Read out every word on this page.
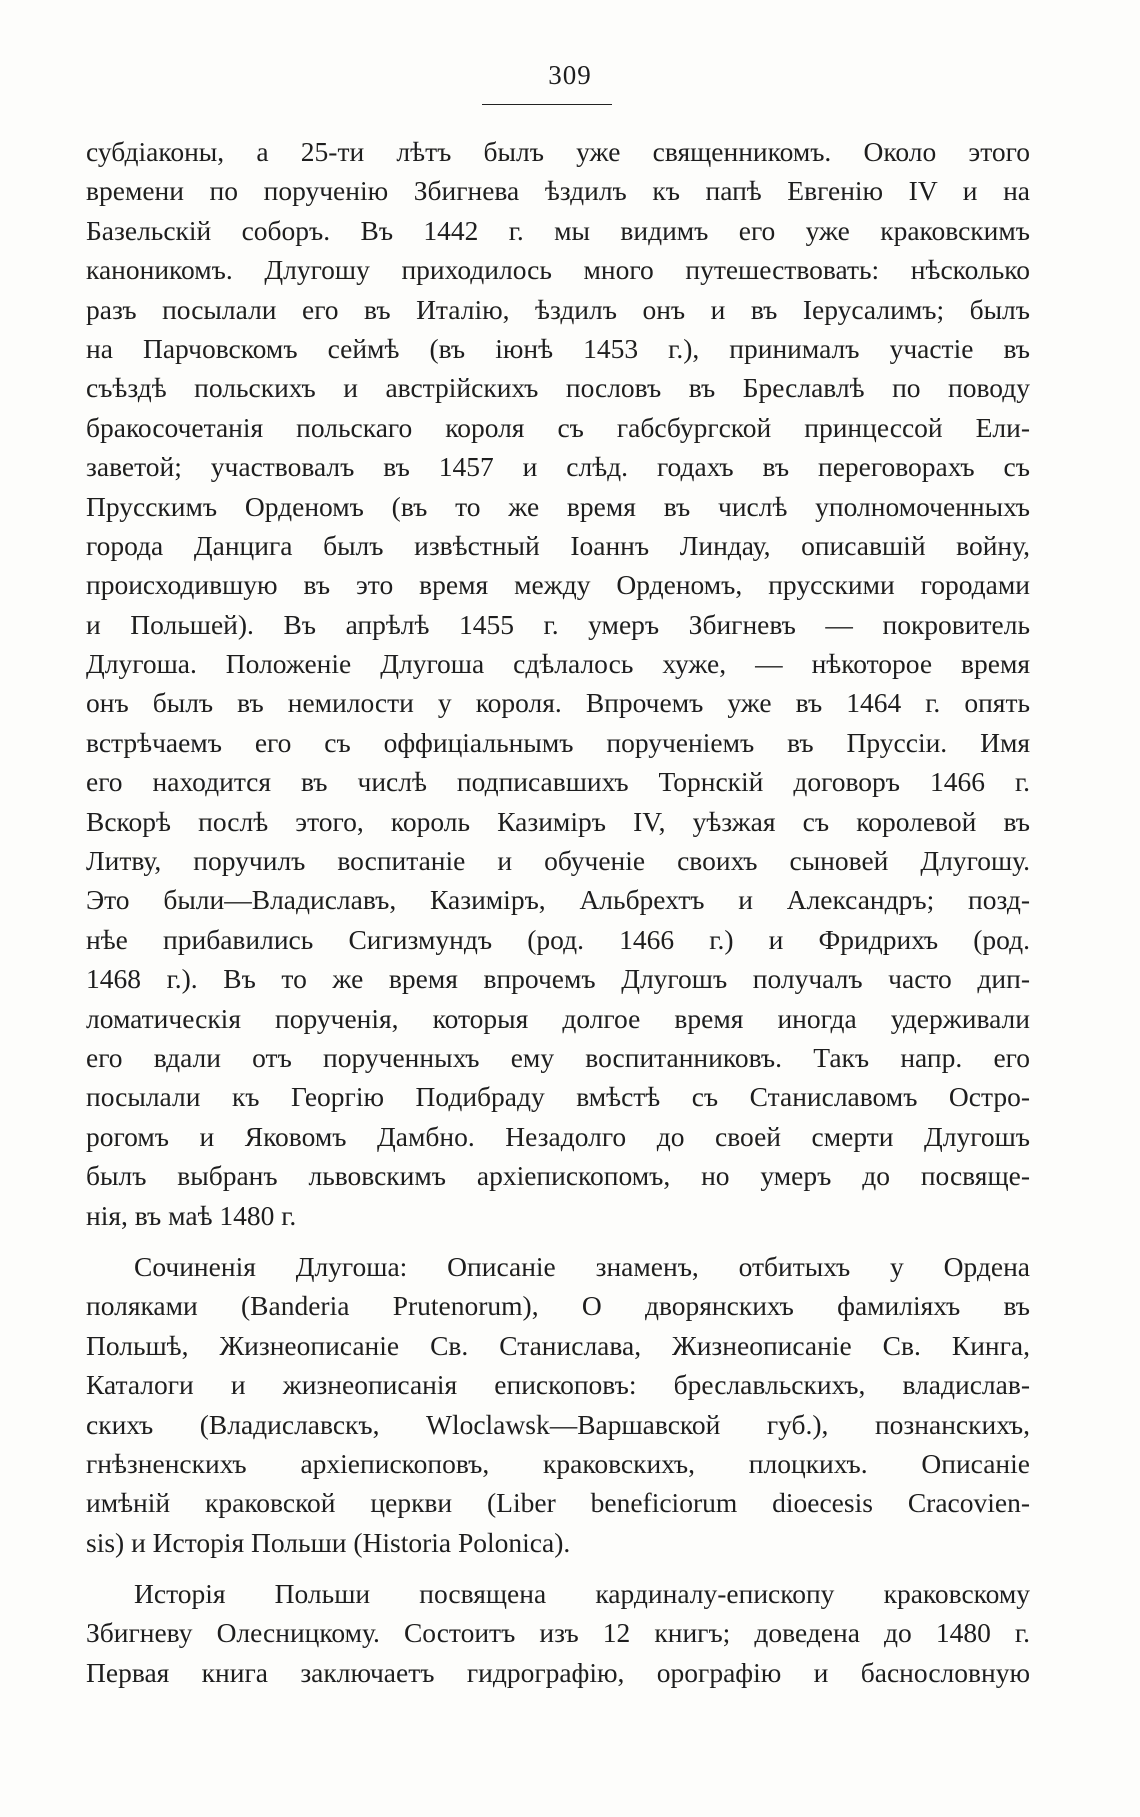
309
субдіаконы, а 25-ти лѣтъ былъ уже священникомъ. Около этого
времени по порученію Збигнева ѣздилъ къ папѣ Евгенію IV и на
Базельскій соборъ. Въ 1442 г. мы видимъ его уже краковскимъ
каноникомъ. Длугошу приходилось много путешествовать: нѣсколько
разъ посылали его въ Италію, ѣздилъ онъ и въ Іерусалимъ; былъ
на Парчовскомъ сеймѣ (въ іюнѣ 1453 г.), принималъ участіе въ
съѣздѣ польскихъ и австрійскихъ пословъ въ Бреславлѣ по поводу
бракосочетанія польскаго короля съ габсбургской принцессой Ели-
заветой; участвовалъ въ 1457 и слѣд. годахъ въ переговорахъ съ
Прусскимъ Орденомъ (въ то же время въ числѣ уполномоченныхъ
города Данцига былъ извѣстный Іоаннъ Линдау, описавшій войну,
происходившую въ это время между Орденомъ, прусскими городами
и Польшей). Въ апрѣлѣ 1455 г. умеръ Збигневъ — покровитель
Длугоша. Положеніе Длугоша сдѣлалось хуже, — нѣкоторое время
онъ былъ въ немилости у короля. Впрочемъ уже въ 1464 г. опять
встрѣчаемъ его съ оффиціальнымъ порученіемъ въ Пруссіи. Имя
его находится въ числѣ подписавшихъ Торнскій договоръ 1466 г.
Вскорѣ послѣ этого, король Казиміръ IV, уѣзжая съ королевой въ
Литву, поручилъ воспитаніе и обученіе своихъ сыновей Длугошу.
Это были—Владиславъ, Казиміръ, Альбрехтъ и Александръ; позд-
нѣе прибавились Сигизмундъ (род. 1466 г.) и Фридрихъ (род.
1468 г.). Въ то же время впрочемъ Длугошъ получалъ часто дип-
ломатическія порученія, которыя долгое время иногда удерживали
его вдали отъ порученныхъ ему воспитанниковъ. Такъ напр. его
посылали къ Георгію Подибраду вмѣстѣ съ Станиславомъ Остро-
рогомъ и Яковомъ Дамбно. Незадолго до своей смерти Длугошъ
былъ выбранъ львовскимъ архіепископомъ, но умеръ до посвяще-
нія, въ маѣ 1480 г.
Сочиненія Длугоша: Описаніе знаменъ, отбитыхъ у Ордена
поляками (Banderia Prutenorum), О дворянскихъ фамиліяхъ въ
Польшѣ, Жизнеописаніе Св. Станислава, Жизнеописаніе Св. Кинга,
Каталоги и жизнеописанія епископовъ: бреславльскихъ, владислав-
скихъ (Владиславскъ, Wloclawsk—Варшавской губ.), познанскихъ,
гнѣзненскихъ архіепископовъ, краковскихъ, плоцкихъ. Описаніе
имѣній краковской церкви (Liber beneficiorum dioecesis Cracovien-
sis) и Исторія Польши (Historia Polonica).
Исторія Польши посвящена кардиналу-епископу краковскому
Збигневу Олесницкому. Состоитъ изъ 12 книгъ; доведена до 1480 г.
Первая книга заключаетъ гидрографію, орографію и баснословную
